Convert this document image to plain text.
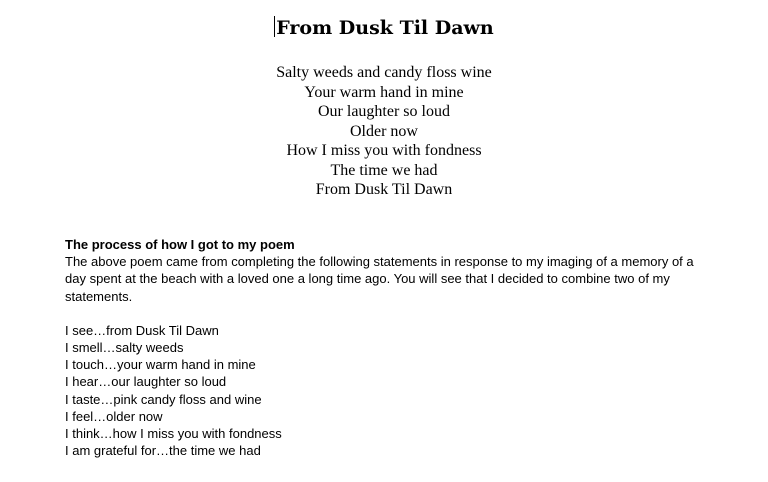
From Dusk Til Dawn
Salty weeds and candy floss wine
Your warm hand in mine
Our laughter so loud
Older now
How I miss you with fondness
The time we had
From Dusk Til Dawn
The process of how I got to my poem

The above poem came from completing the following statements in response to my imaging of a memory of a day spent at the beach with a loved one a long time ago. You will see that I decided to combine two of my statements.

I see…from Dusk Til Dawn
I smell…salty weeds
I touch…your warm hand in mine
I hear…our laughter so loud
I taste…pink candy floss and wine
I feel…older now
I think…how I miss you with fondness
I am grateful for…the time we had
